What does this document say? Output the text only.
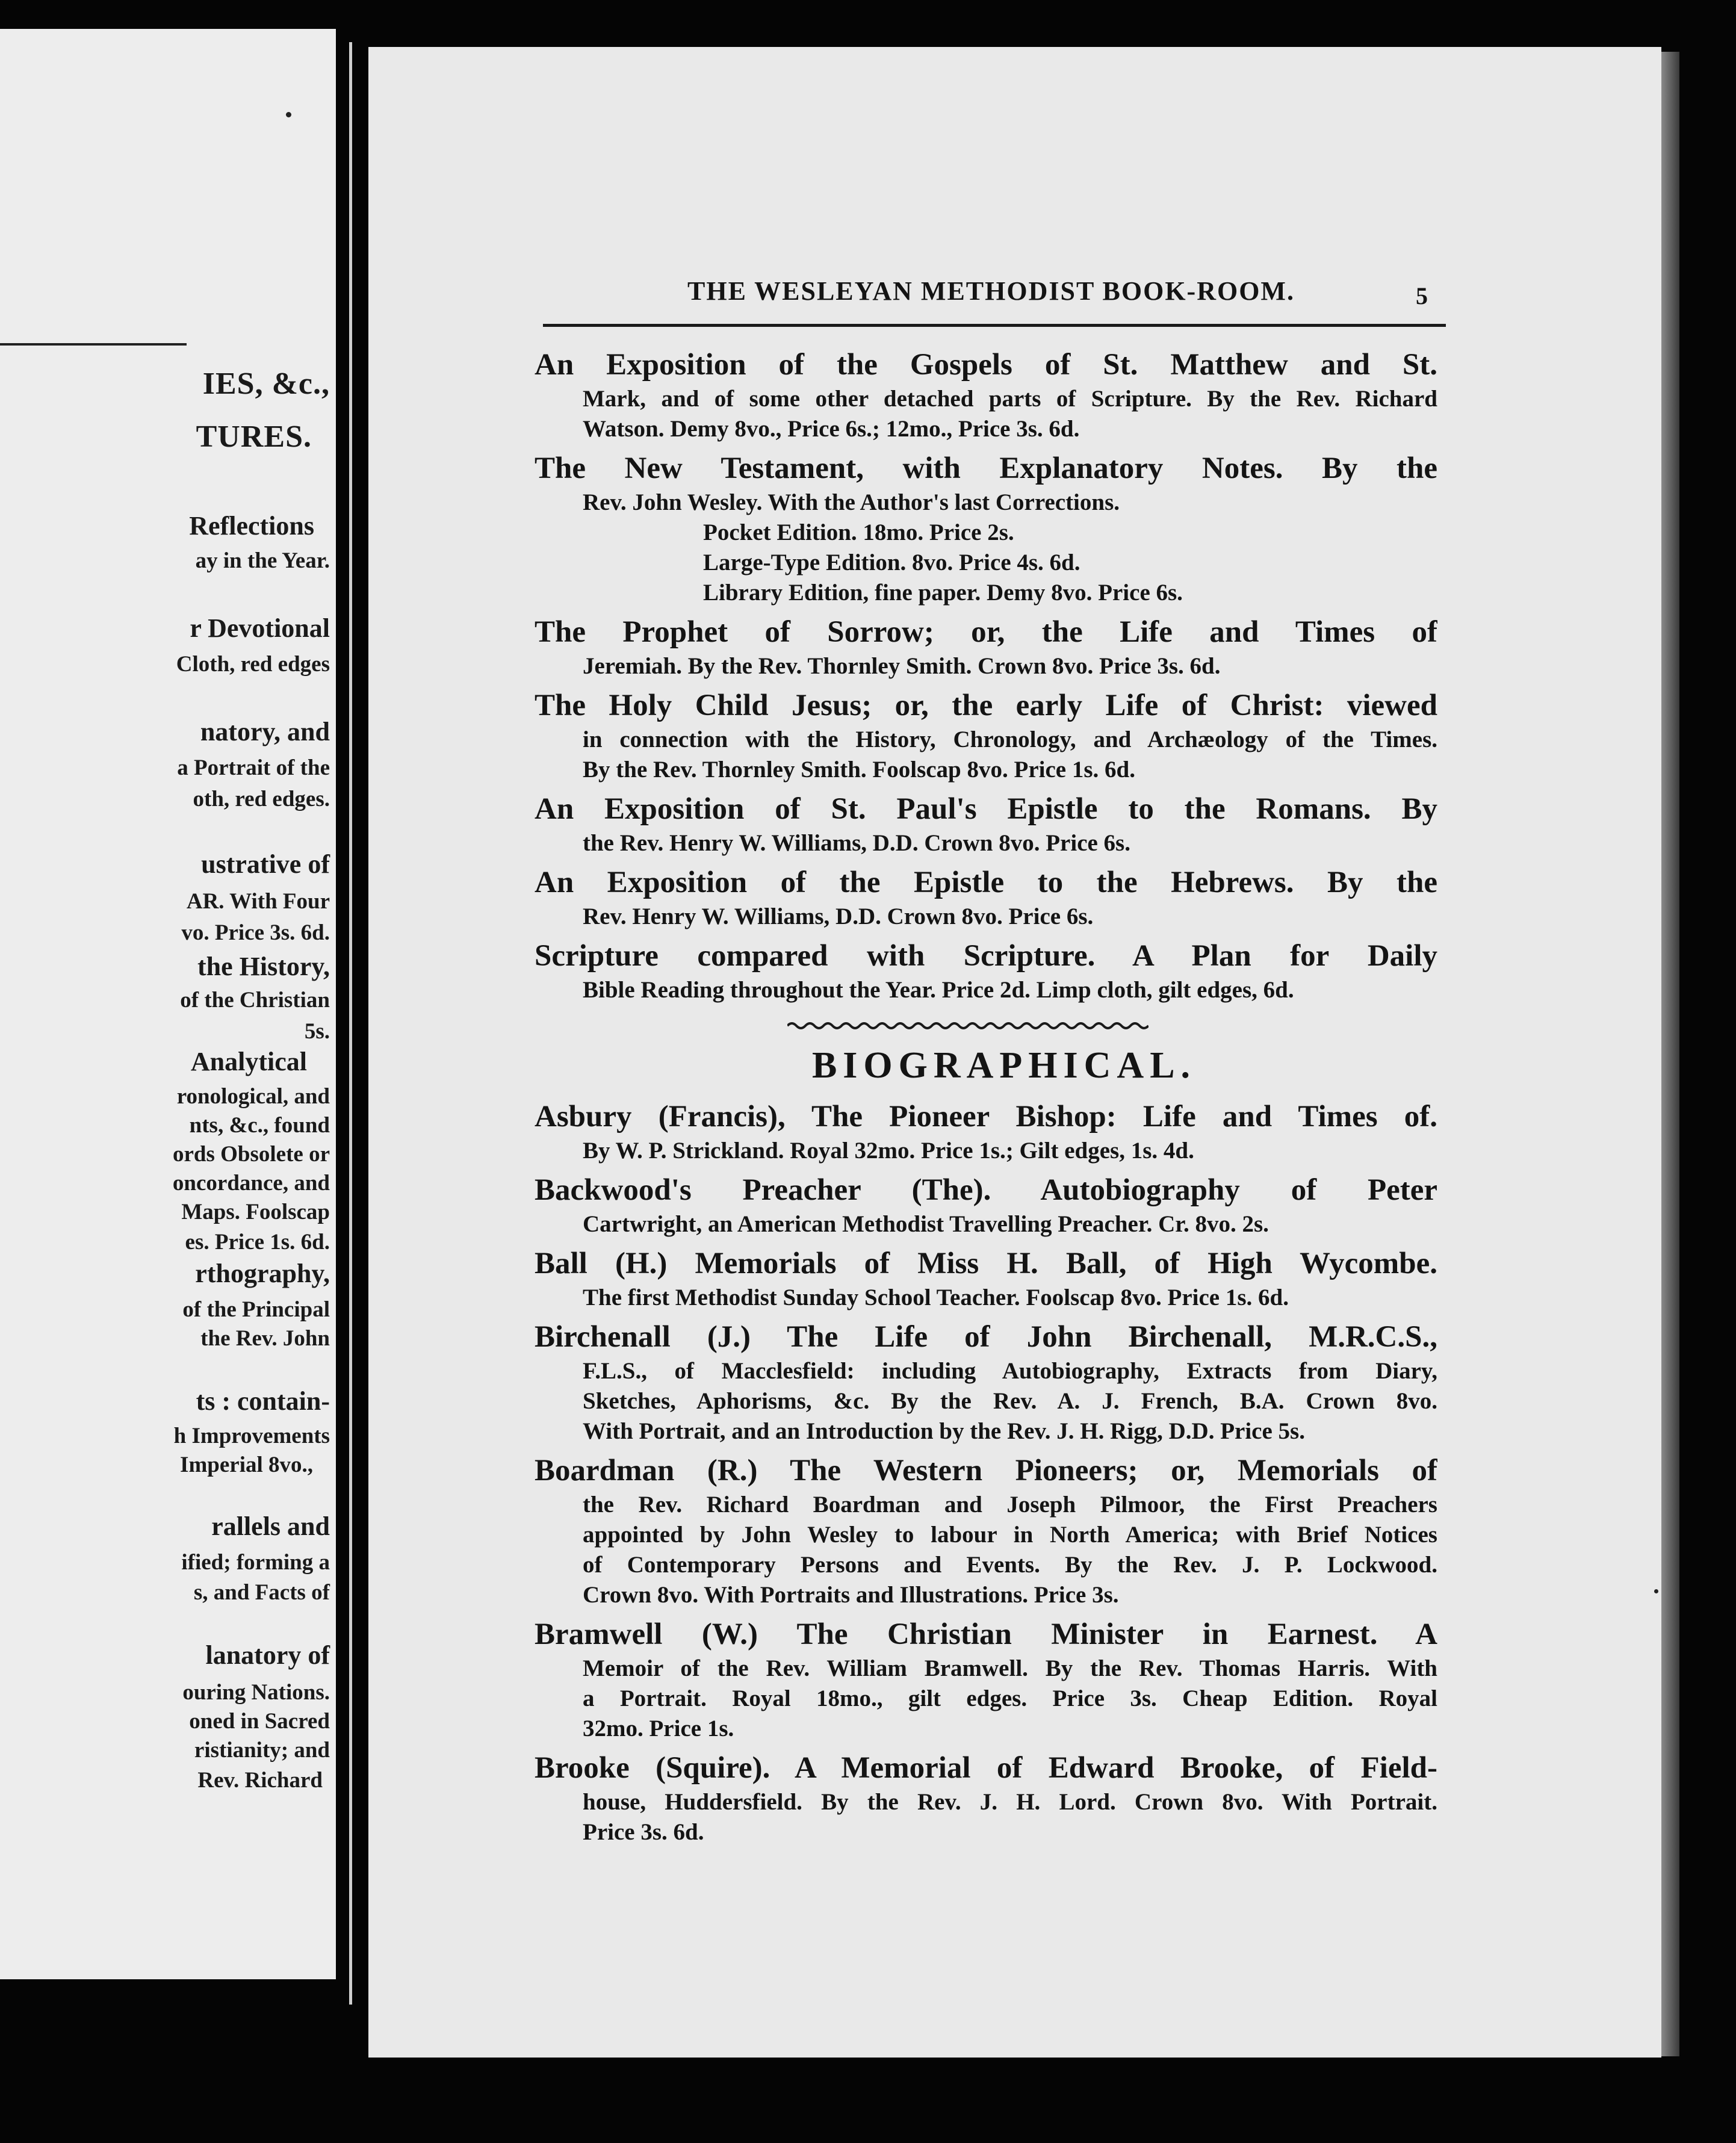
IES, &c.,
TURES.
Reflections
ay in the Year.
r Devotional
Cloth, red edges
natory, and
a Portrait of the
oth, red edges.
ustrative of
AR. With Four
vo. Price 3s. 6d.
the History,
of the Christian
5s.
Analytical
ronological, and
nts, &c., found
ords Obsolete or
oncordance, and
Maps. Foolscap
es. Price 1s. 6d.
rthography,
of the Principal
the Rev. John
ts : contain-
h Improvements
Imperial 8vo.,
rallels and
ified; forming a
s, and Facts of
lanatory of
ouring Nations.
oned in Sacred
ristianity; and
Rev. Richard
THE WESLEYAN METHODIST BOOK-ROOM.	5
An Exposition of the Gospels of St. Matthew and St.
Mark, and of some other detached parts of Scripture. By the Rev. Richard
Watson. Demy 8vo., Price 6s.; 12mo., Price 3s. 6d.
The New Testament, with Explanatory Notes. By the
Rev. John Wesley. With the Author's last Corrections.
Pocket Edition. 18mo. Price 2s.
Large-Type Edition. 8vo. Price 4s. 6d.
Library Edition, fine paper. Demy 8vo. Price 6s.
The Prophet of Sorrow; or, the Life and Times of
Jeremiah. By the Rev. Thornley Smith. Crown 8vo. Price 3s. 6d.
The Holy Child Jesus; or, the early Life of Christ: viewed
in connection with the History, Chronology, and Archæology of the Times.
By the Rev. Thornley Smith. Foolscap 8vo. Price 1s. 6d.
An Exposition of St. Paul's Epistle to the Romans. By
the Rev. Henry W. Williams, D.D. Crown 8vo. Price 6s.
An Exposition of the Epistle to the Hebrews. By the
Rev. Henry W. Williams, D.D. Crown 8vo. Price 6s.
Scripture compared with Scripture. A Plan for Daily
Bible Reading throughout the Year. Price 2d. Limp cloth, gilt edges, 6d.
BIOGRAPHICAL.
Asbury (Francis), The Pioneer Bishop: Life and Times of.
By W. P. Strickland. Royal 32mo. Price 1s.; Gilt edges, 1s. 4d.
Backwood's Preacher (The). Autobiography of Peter
Cartwright, an American Methodist Travelling Preacher. Cr. 8vo. 2s.
Ball (H.) Memorials of Miss H. Ball, of High Wycombe.
The first Methodist Sunday School Teacher. Foolscap 8vo. Price 1s. 6d.
Birchenall (J.) The Life of John Birchenall, M.R.C.S.,
F.L.S., of Macclesfield: including Autobiography, Extracts from Diary,
Sketches, Aphorisms, &c. By the Rev. A. J. French, B.A. Crown 8vo.
With Portrait, and an Introduction by the Rev. J. H. Rigg, D.D. Price 5s.
Boardman (R.) The Western Pioneers; or, Memorials of
the Rev. Richard Boardman and Joseph Pilmoor, the First Preachers
appointed by John Wesley to labour in North America; with Brief Notices
of Contemporary Persons and Events. By the Rev. J. P. Lockwood.
Crown 8vo. With Portraits and Illustrations. Price 3s.
Bramwell (W.) The Christian Minister in Earnest. A
Memoir of the Rev. William Bramwell. By the Rev. Thomas Harris. With
a Portrait. Royal 18mo., gilt edges. Price 3s. Cheap Edition. Royal
32mo. Price 1s.
Brooke (Squire). A Memorial of Edward Brooke, of Field-
house, Huddersfield. By the Rev. J. H. Lord. Crown 8vo. With Portrait.
Price 3s. 6d.
